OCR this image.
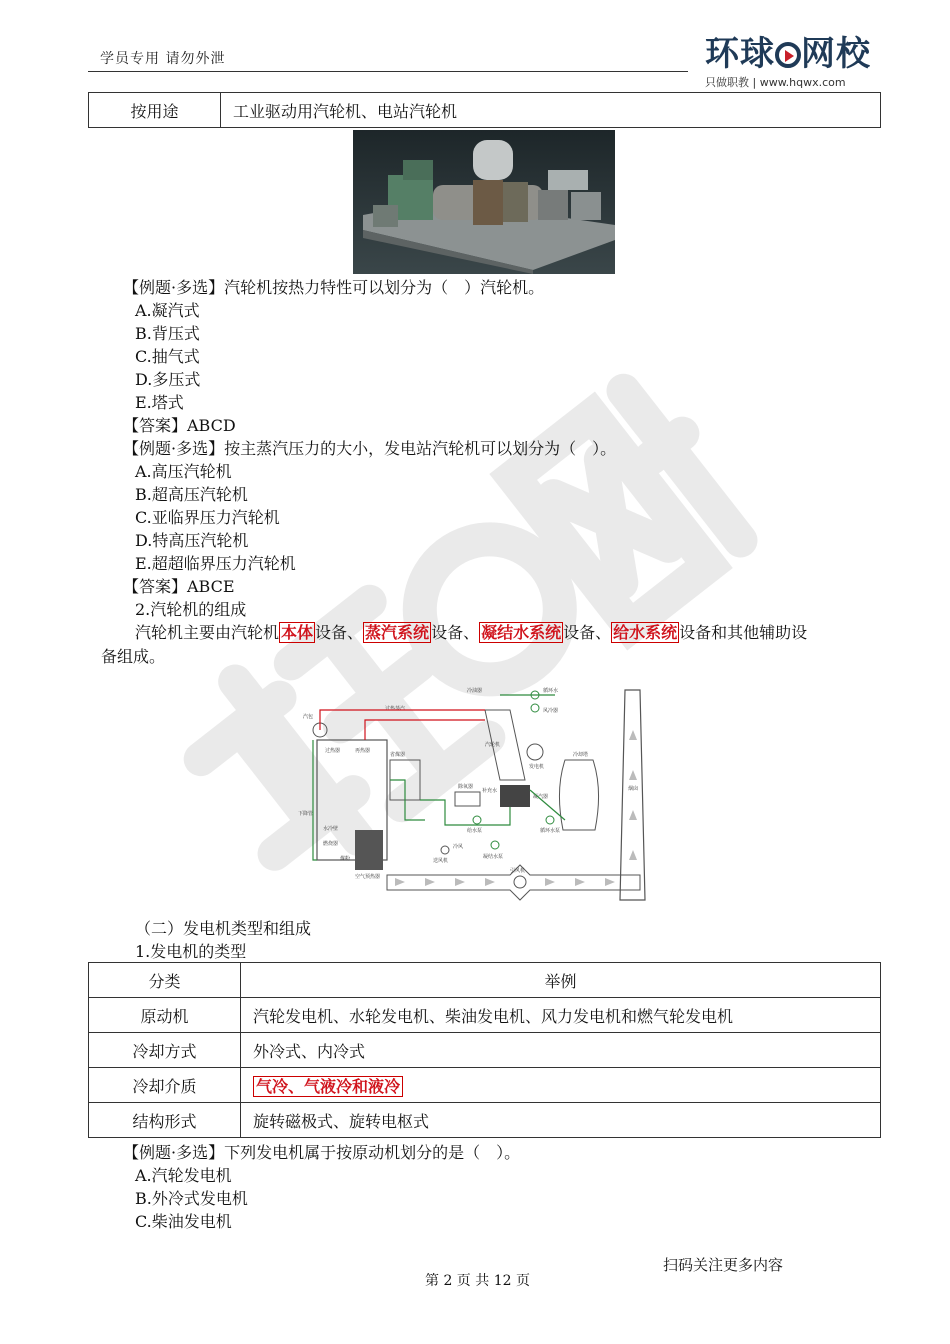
学员专用 请勿外泄	环球 网校
只做职教 | www.hqwx.com
按用途	工业驱动用汽轮机、电站汽轮机
【例题·多选】汽轮机按热力特性可以划分为（　）汽轮机。
A.凝汽式
B.背压式
C.抽气式
D.多压式
E.塔式
【答案】ABCD
【例题·多选】按主蒸汽压力的大小，发电站汽轮机可以划分为（　）。
A.高压汽轮机
B.超高压汽轮机
C.亚临界压力汽轮机
D.特高压汽轮机
E.超超临界压力汽轮机
【答案】ABCE
2.汽轮机的组成
汽轮机主要由汽轮机 本体 设备、 蒸汽系统 设备、 凝结水系统 设备、 给水系统 设备和其他辅助设
备组成。
烟囱
冷却塔
汽轮机
发电机
凝汽器
除氧器
补充水
空气预热器
省煤器
过热器	再热器
水冷壁
燃烧器
煤粉
下降管
汽包
过热蒸汽
给水泵
凝结水泵
循环水泵
冷油器
风冷器
循环水
引风机
送风机
冷风
（二）发电机类型和组成
1.发电机的类型
分类	举例
原动机	汽轮发电机、水轮发电机、柴油发电机、风力发电机和燃气轮发电机
冷却方式	外冷式、内冷式
冷却介质	气冷、气液冷和液冷
结构形式	旋转磁极式、旋转电枢式
【例题·多选】下列发电机属于按原动机划分的是（　）。
A.汽轮发电机
B.外冷式发电机
C.柴油发电机
扫码关注更多内容
第 2 页 共 12 页
